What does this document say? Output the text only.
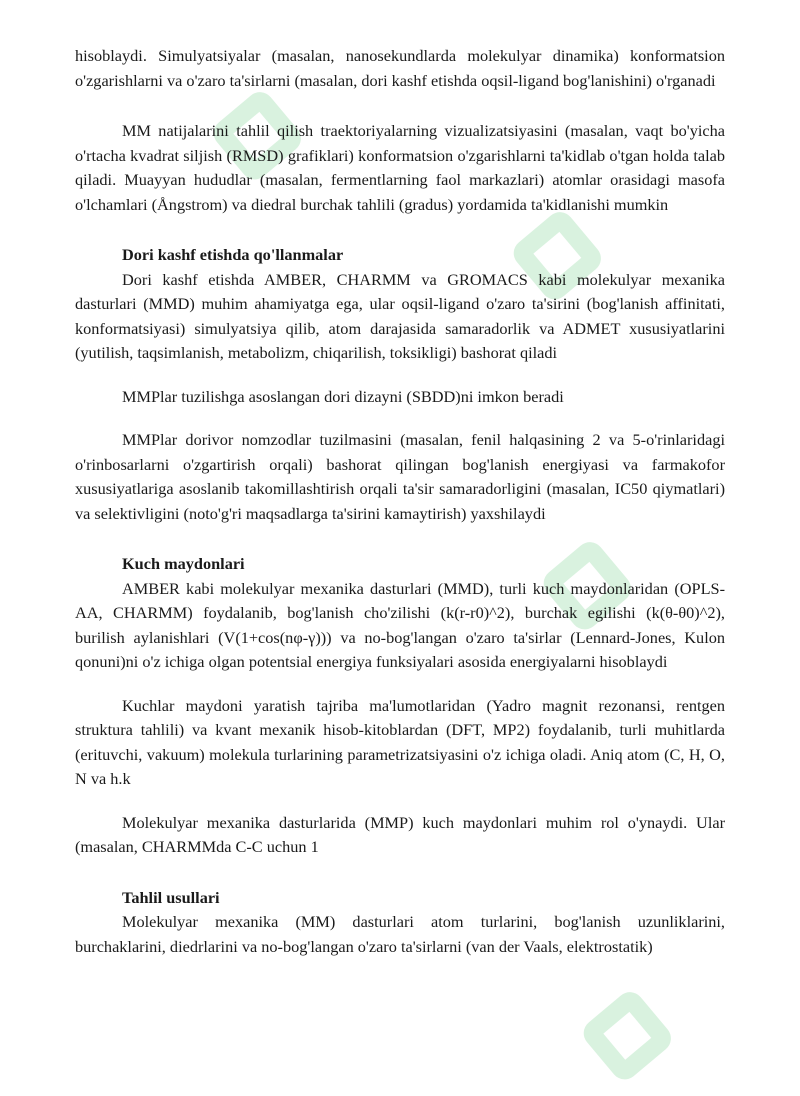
hisoblaydi. Simulyatsiyalar (masalan, nanosekundlarda molekulyar dinamika) konformatsion o'zgarishlarni va o'zaro ta'sirlarni (masalan, dori kashf etishda oqsil-ligand bog'lanishini) o'rganadi

MM natijalarini tahlil qilish traektoriyalarning vizualizatsiyasini (masalan, vaqt bo'yicha o'rtacha kvadrat siljish (RMSD) grafiklari) konformatsion o'zgarishlarni ta'kidlab o'tgan holda talab qiladi. Muayyan hududlar (masalan, fermentlarning faol markazlari) atomlar orasidagi masofa o'lchamlari (Ångstrom) va diedral burchak tahlili (gradus) yordamida ta'kidlanishi mumkin

Dori kashf etishda qo'llanmalar

Dori kashf etishda AMBER, CHARMM va GROMACS kabi molekulyar mexanika dasturlari (MMD) muhim ahamiyatga ega, ular oqsil-ligand o'zaro ta'sirini (bog'lanish affinitati, konformatsiyasi) simulyatsiya qilib, atom darajasida samaradorlik va ADMET xususiyatlarini (yutilish, taqsimlanish, metabolizm, chiqarilish, toksikligi) bashorat qiladi

MMPlar tuzilishga asoslangan dori dizayni (SBDD)ni imkon beradi

MMPlar dorivor nomzodlar tuzilmasini (masalan, fenil halqasining 2 va 5-o'rinlaridagi o'rinbosarlarni o'zgartirish orqali) bashorat qilingan bog'lanish energiyasi va farmakofor xususiyatlariga asoslanib takomillashtirish orqali ta'sir samaradorligini (masalan, IC50 qiymatlari) va selektivligini (noto'g'ri maqsadlarga ta'sirini kamaytirish) yaxshilaydi

Kuch maydonlari

AMBER kabi molekulyar mexanika dasturlari (MMD), turli kuch maydonlaridan (OPLS-AA, CHARMM) foydalanib, bog'lanish cho'zilishi (k(r-r0)^2), burchak egilishi (k(θ-θ0)^2), burilish aylanishlari (V(1+cos(nφ-γ))) va no-bog'langan o'zaro ta'sirlar (Lennard-Jones, Kulon qonuni)ni o'z ichiga olgan potentsial energiya funksiyalari asosida energiyalarni hisoblaydi

Kuchlar maydoni yaratish tajriba ma'lumotlaridan (Yadro magnit rezonansi, rentgen struktura tahlili) va kvant mexanik hisob-kitoblardan (DFT, MP2) foydalanib, turli muhitlarda (erituvchi, vakuum) molekula turlarining parametrizatsiyasini o'z ichiga oladi. Aniq atom (C, H, O, N va h.k

Molekulyar mexanika dasturlarida (MMP) kuch maydonlari muhim rol o'ynaydi. Ular (masalan, CHARMMda C-C uchun 1

Tahlil usullari

Molekulyar mexanika (MM) dasturlari atom turlarini, bog'lanish uzunliklarini, burchaklarini, diedrlarini va no-bog'langan o'zaro ta'sirlarni (van der Vaals, elektrostatik)
